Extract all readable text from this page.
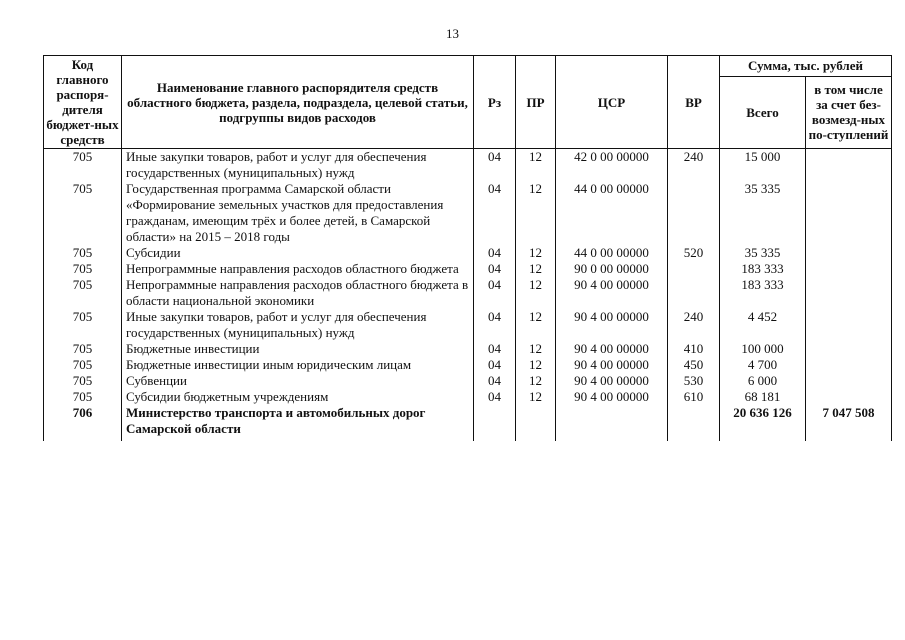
13
Код главного распоря-дителя бюджет-ных средств	Наименование главного распорядителя средств областного бюджета, раздела, подраздела, целевой статьи, подгруппы видов расходов	Рз	ПР	ЦСР	ВР	Сумма, тыс. рублей	
						Всего	в том числе за счет без-возмезд-ных по-ступлений
705	Иные закупки товаров, работ и услуг для обеспечения государственных (муниципальных) нужд	04	12	42 0 00 00000	240	15 000	
705	Государственная программа Самарской области «Формирование земельных участков для предоставления гражданам, имеющим трёх и более детей, в Самарской области» на 2015 – 2018 годы	04	12	44 0 00 00000		35 335	
705	Субсидии	04	12	44 0 00 00000	520	35 335	
705	Непрограммные направления расходов областного бюджета	04	12	90 0 00 00000		183 333	
705	Непрограммные направления расходов областного бюджета в области национальной экономики	04	12	90 4 00 00000		183 333	
705	Иные закупки товаров, работ и услуг для обеспечения государственных (муниципальных) нужд	04	12	90 4 00 00000	240	4 452	
705	Бюджетные инвестиции	04	12	90 4 00 00000	410	100 000	
705	Бюджетные инвестиции иным юридическим лицам	04	12	90 4 00 00000	450	4 700	
705	Субвенции	04	12	90 4 00 00000	530	6 000	
705	Субсидии бюджетным учреждениям	04	12	90 4 00 00000	610	68 181	
706	Министерство транспорта и автомобильных дорог Самарской области					20 636 126	7 047 508
